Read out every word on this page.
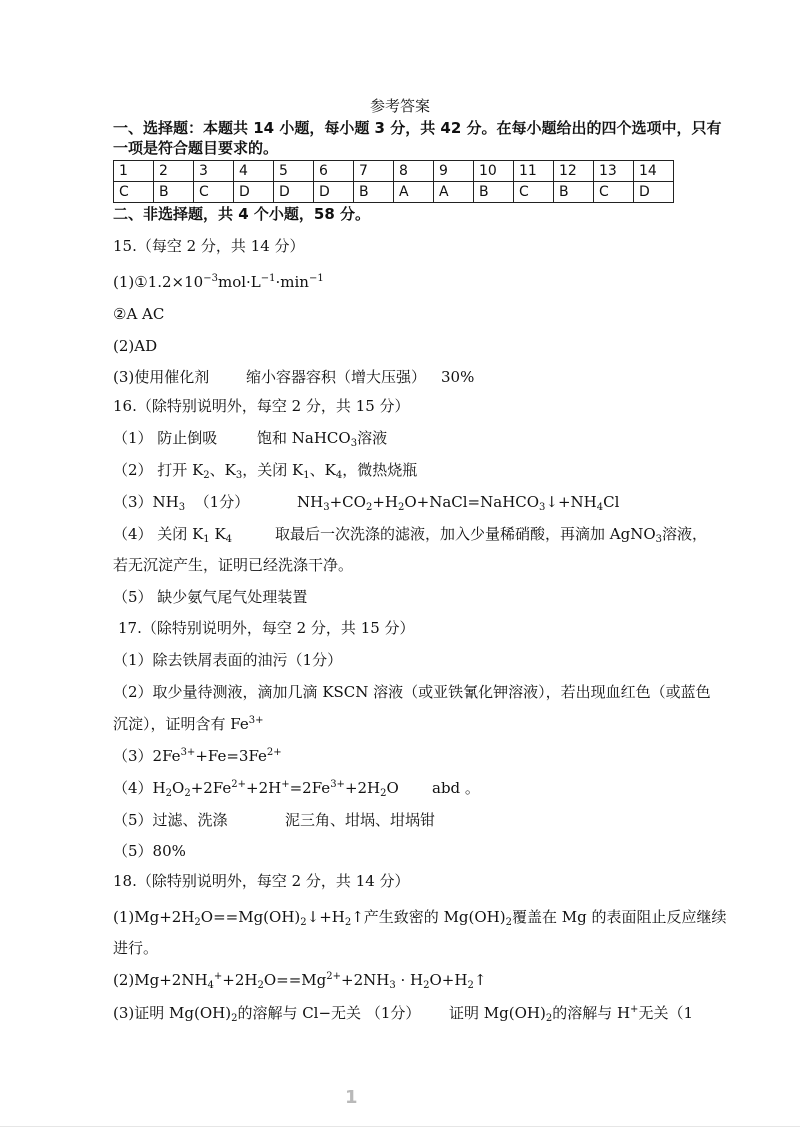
参考答案
一、选择题：本题共 14 小题，每小题 3 分，共 42 分。在每小题给出的四个选项中，只有
一项是符合题目要求的。
1	2	3	4	5	6	7	8	9	10	11	12	13	14
C	B	C	D	D	D	B	A	A	B	C	B	C	D
二、非选择题，共 4 个小题，58 分。
15.（每空 2 分，共 14 分）
$(1)①1.2\times 10^{-3}mol\cdot L^{-1}\cdot\min^{-1}$
②A AC
(2)AD
(3)使用催化剂 缩小容器容积（增大压强） 30%
16.（除特别说明外，每空 2 分，共 15 分）
（1） 防止倒吸	饱和 NaHCO$_3$溶液
（2） 打开 $K_2$、$K_3$，关闭 $K_1$、$K_4$，微热烧瓶
$(3)NH_3$ （1分）	$NH_3+CO_2+H_2O+NaCl=NaHCO_3↓+NH_4Cl$
（4） 关闭 $K_1$ $K_4$	取最后一次洗涤的滤液，加入少量稀硝酸，再滴加 AgNO$_3$溶液，
若无沉淀产生，证明已经洗涤干净。
（5） 缺少氨气尾气处理装置
17.（除特别说明外，每空 2 分，共 15 分）
（1）除去铁屑表面的油污（1分）
（2）取少量待测液，滴加几滴 KSCN 溶液（或亚铁氰化钾溶液），若出现血红色（或蓝色
沉淀），证明含有 $Fe^{3+}$
$(3)2Fe^{3+}+Fe=3Fe^{2+}$
$(4)H_2O_2+2Fe^{2+}+2H^+=2Fe^{3+}+2H_2O$ abd 。
（5）过滤、洗涤	泥三角、坩埚、坩埚钳
（5）80%
18.（除特别说明外，每空 2 分，共 14 分）
$(1)Mg+2H_2O==Mg(OH)_2↓+H_2↑$产生致密的 $Mg(OH)_2$覆盖在 Mg 的表面阻止反应继续
进行。
$(2)Mg+2NH_4^++2H_2O==Mg^{2+}+2NH_3$ · $H_2O+H_2↑$
(3)证明 $Mg(OH)_2$的溶解与 Cl−无关 （1分） 证明 $Mg(OH)_2$的溶解与 H+无关（1
1
